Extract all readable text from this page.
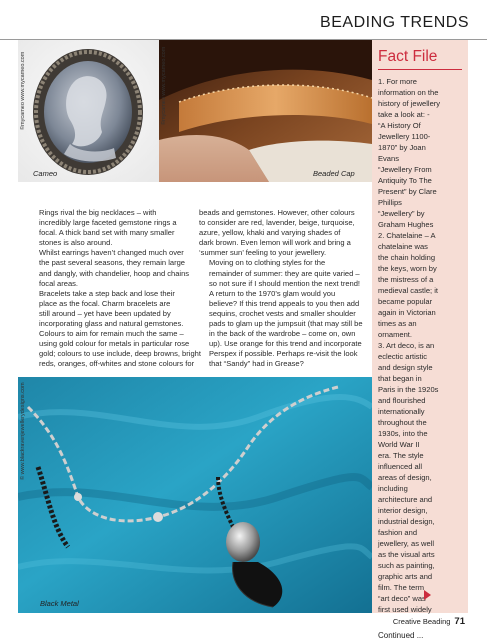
BEADING TRENDS
©mycameo www.mycameo.com
Cameo
©mycameo www.mycameo.com
Beaded Cap

Rings rival the big necklaces – with
incredibly large faceted gemstone rings a
focal. A thick band set with many smaller
stones is also around.

Whilst earrings haven’t changed much over
the past several seasons, they remain large
and dangly, with chandelier, hoop and chains
focal areas.

Bracelets take a step back and lose their
place as the focal. Charm bracelets are
still around – yet have been updated by
incorporating glass and natural gemstones.

Colours to aim for remain much the same –
using gold colour for metals in particular rose
gold; colours to use include, deep browns, bright
reds, oranges, off-whites and stone colours for

beads and gemstones. However, other colours
to consider are red, lavender, beige, turquoise,
azure, yellow, khaki and varying shades of
dark brown. Even lemon will work and bring a
‘summer sun’ feeling to your jewellery.

Moving on to clothing styles for the
remainder of summer: they are quite varied –
so not sure if I should mention the next trend!

A return to the 1970’s glam would you
believe? If this trend appeals to you then add
sequins, crochet vests and smaller shoulder
pads to glam up the jumpsuit (that may still be
in the back of the wardrobe – come on, own
up). Use orange for this trend and incorporate
Perspex if possible. Perhaps re-visit the look
that “Sandy” had in Grease?

© www.blackravenjewellerydesigns.com
Black Metal
Fact File
1. For more
information on the
history of jewellery
take a look at: -
“A History Of
Jewellery 1100-
1870” by Joan
Evans
“Jewellery From
Antiquity To The
Present” by Clare
Phillips
“Jewellery” by
Graham Hughes
2. Chatelaine – A
chatelaine was
the chain holding
the keys, worn by
the mistress of a
medieval castle; it
became popular
again in Victorian
times as an
ornament.
3. Art deco, is an
eclectic artistic
and design style
that began in
Paris in the 1920s
and flourished
internationally
throughout the
1930s, into the
World War II
era. The style
influenced all
areas of design,
including
architecture and
interior design,
industrial design,
fashion and
jewellery, as well
as the visual arts
such as painting,
graphic arts and
film. The term
“art deco” was
first used widely
Continued ...
Creative Beading 71
